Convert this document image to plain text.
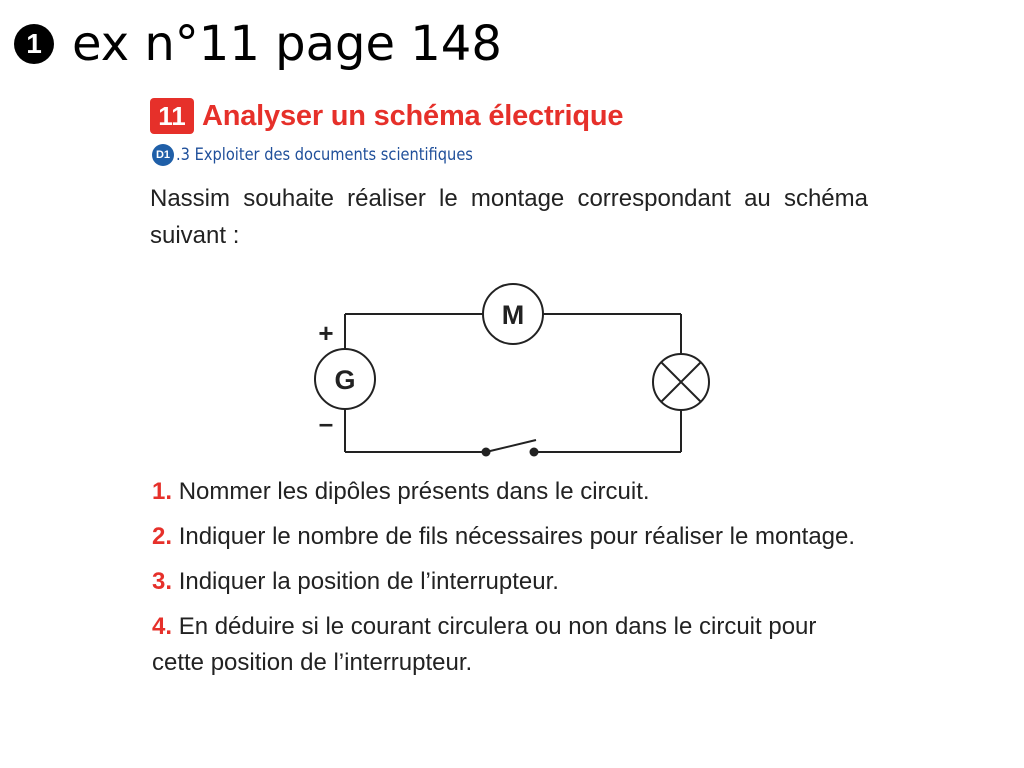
1 ex n°11 page 148
11 Analyser un schéma électrique
D1 .3 Exploiter des documents scientifiques
Nassim souhaite réaliser le montage correspondant au schéma suivant :
M
G
+
–
1. Nommer les dipôles présents dans le circuit.
2. Indiquer le nombre de fils nécessaires pour réaliser le montage.
3. Indiquer la position de l’interrupteur.
4. En déduire si le courant circulera ou non dans le circuit pour cette position de l’interrupteur.
